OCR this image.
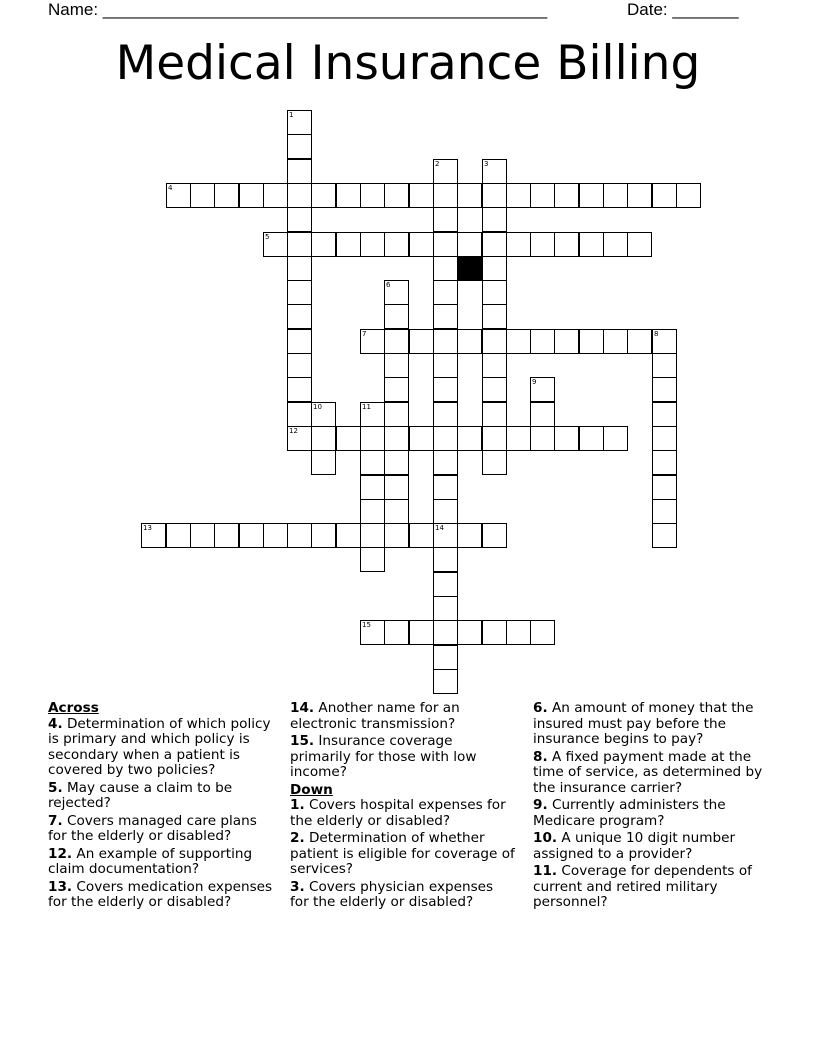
Name: _______________________________________________	Date: _______
Medical Insurance Billing
1
2
14
3
4
5
6
7	8
9
10	11
12
13
15
Across
4. Determination of which policy is primary and which policy is secondary when a patient is covered by two policies?
5. May cause a claim to be rejected?
7. Covers managed care plans for the elderly or disabled?
12. An example of supporting claim documentation?
13. Covers medication expenses for the elderly or disabled?
14. Another name for an electronic transmission?
15. Insurance coverage primarily for those with low income?
Down
1. Covers hospital expenses for the elderly or disabled?
2. Determination of whether patient is eligible for coverage of services?
3. Covers physician expenses for the elderly or disabled?
6. An amount of money that the insured must pay before the insurance begins to pay?
8. A fixed payment made at the time of service, as determined by the insurance carrier?
9. Currently administers the Medicare program?
10. A unique 10 digit number assigned to a provider?
11. Coverage for dependents of current and retired military personnel?
